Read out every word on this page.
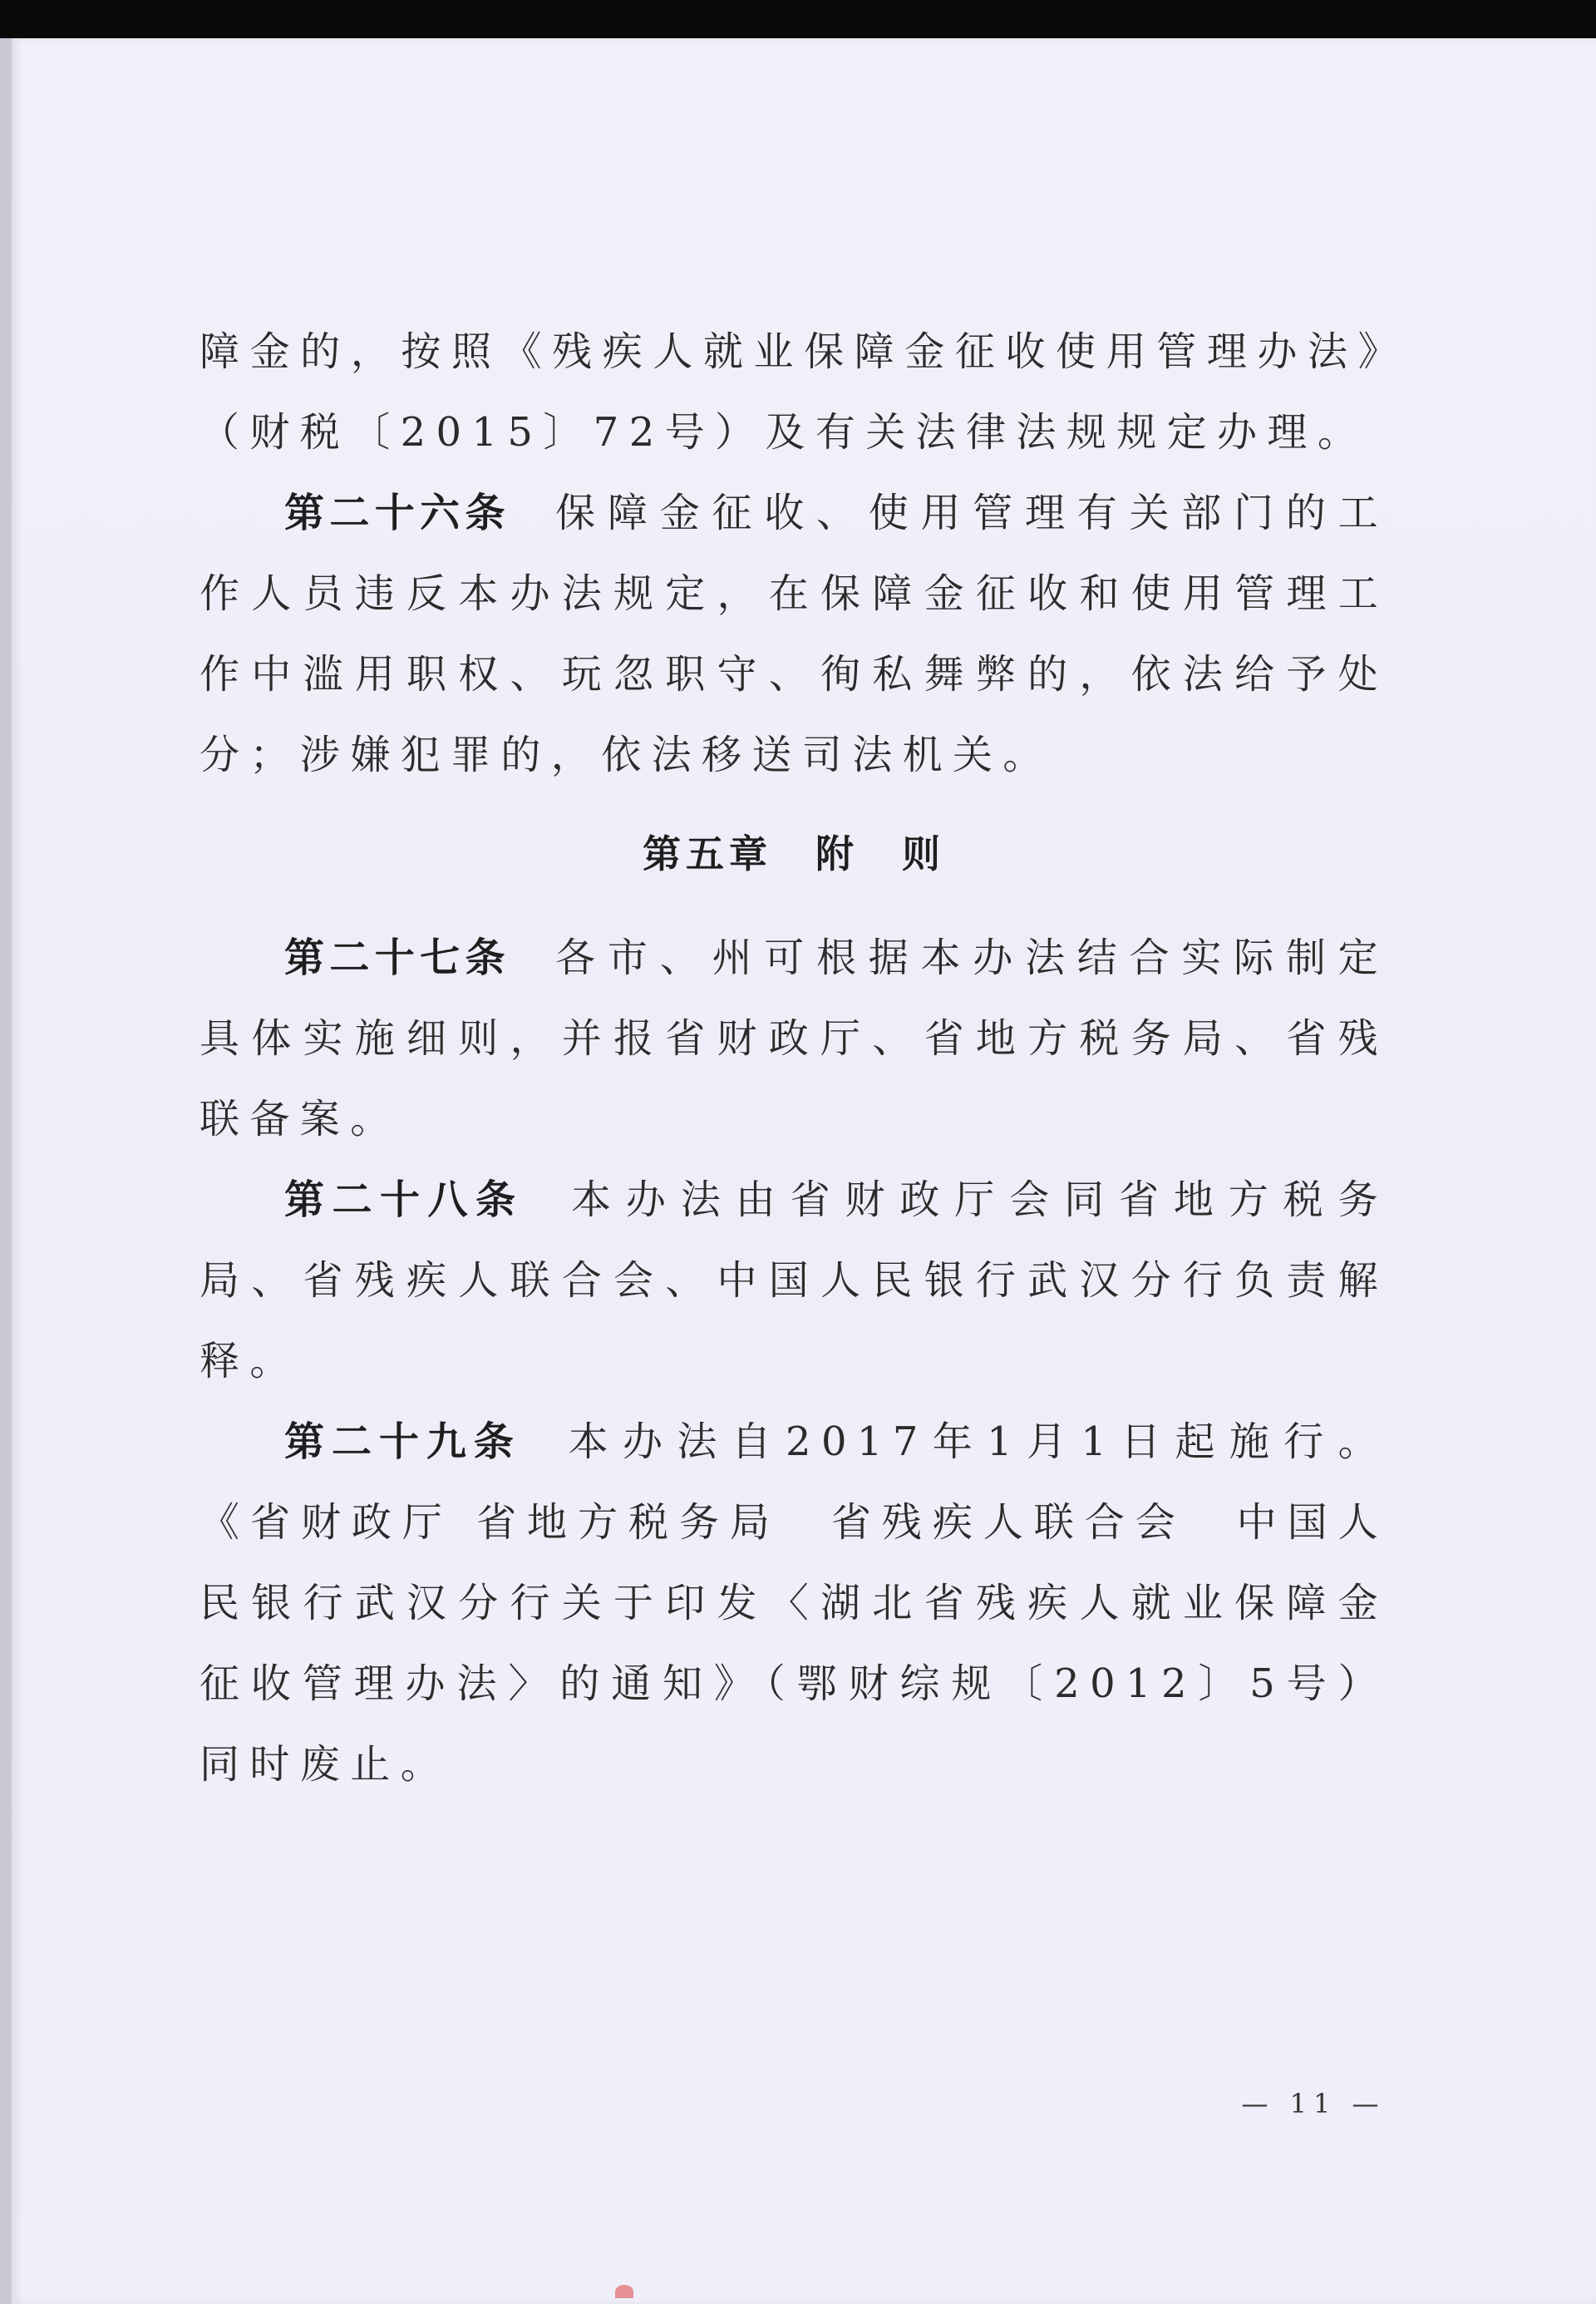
障金的，按照《残疾人就业保障金征收使用管理办法》（财税〔2015〕72号）及有关法律法规规定办理。

第二十六条 保障金征收、使用管理有关部门的工作人员违反本办法规定，在保障金征收和使用管理工作中滥用职权、玩忽职守、徇私舞弊的，依法给予处分；涉嫌犯罪的，依法移送司法机关。

第五章　附　则

第二十七条 各市、州可根据本办法结合实际制定具体实施细则，并报省财政厅、省地方税务局、省残联备案。

第二十八条 本办法由省财政厅会同省地方税务局、省残疾人联合会、中国人民银行武汉分行负责解释。

第二十九条 本办法自2017年1月1日起施行。《省财政厅 省地方税务局　省残疾人联合会　中国人民银行武汉分行关于印发〈湖北省残疾人就业保障金征收管理办法〉的通知》（鄂财综规〔2012〕5号）同时废止。

— 11 —
